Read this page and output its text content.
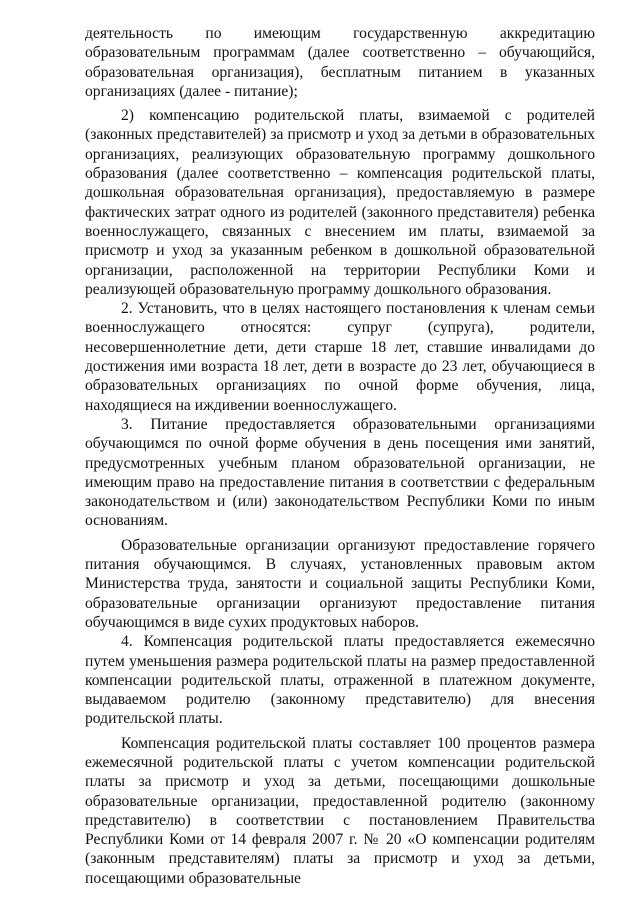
деятельность по имеющим государственную аккредитацию образовательным программам (далее соответственно – обучающийся, образовательная организация), бесплатным питанием в указанных организациях (далее - питание);

2) компенсацию родительской платы, взимаемой с родителей (законных представителей) за присмотр и уход за детьми в образовательных организациях, реализующих образовательную программу дошкольного образования (далее соответственно – компенсация родительской платы, дошкольная образовательная организация), предоставляемую в размере фактических затрат одного из родителей (законного представителя) ребенка военнослужащего, связанных с внесением им платы, взимаемой за присмотр и уход за указанным ребенком в дошкольной образовательной организации, расположенной на территории Республики Коми и реализующей образовательную программу дошкольного образования.

2. Установить, что в целях настоящего постановления к членам семьи военнослужащего относятся: супруг (супруга), родители, несовершеннолетние дети, дети старше 18 лет, ставшие инвалидами до достижения ими возраста 18 лет, дети в возрасте до 23 лет, обучающиеся в образовательных организациях по очной форме обучения, лица, находящиеся на иждивении военнослужащего.

3. Питание предоставляется образовательными организациями обучающимся по очной форме обучения в день посещения ими занятий, предусмотренных учебным планом образовательной организации, не имеющим право на предоставление питания в соответствии с федеральным законодательством и (или) законодательством Республики Коми по иным основаниям.

Образовательные организации организуют предоставление горячего питания обучающимся. В случаях, установленных правовым актом Министерства труда, занятости и социальной защиты Республики Коми, образовательные организации организуют предоставление питания обучающимся в виде сухих продуктовых наборов.

4. Компенсация родительской платы предоставляется ежемесячно путем уменьшения размера родительской платы на размер предоставленной компенсации родительской платы, отраженной в платежном документе, выдаваемом родителю (законному представителю) для внесения родительской платы.

Компенсация родительской платы составляет 100 процентов размера ежемесячной родительской платы с учетом компенсации родительской платы за присмотр и уход за детьми, посещающими дошкольные образовательные организации, предоставленной родителю (законному представителю) в соответствии с постановлением Правительства Республики Коми от 14 февраля 2007 г. № 20 «О компенсации родителям (законным представителям) платы за присмотр и уход за детьми, посещающими образовательные
